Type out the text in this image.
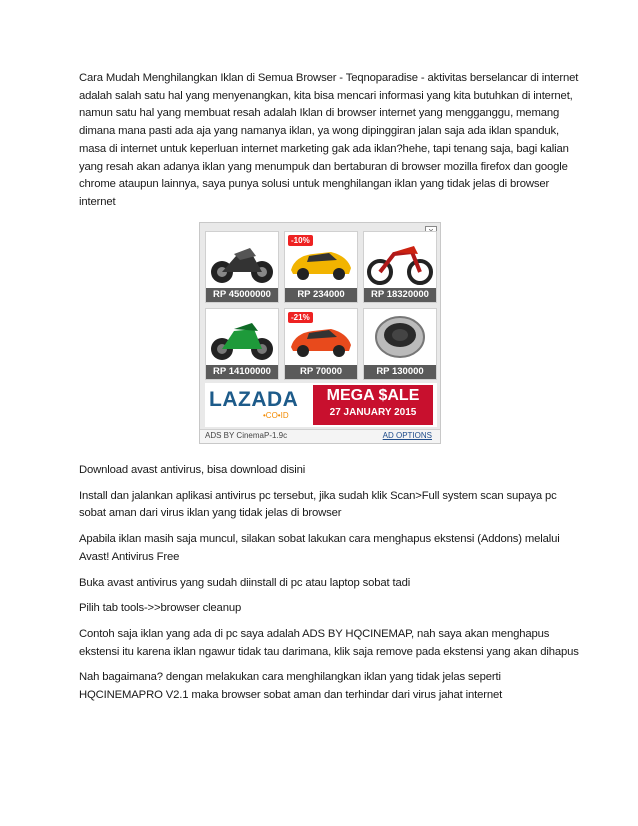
Cara Mudah Menghilangkan Iklan di Semua Browser - Teqnoparadise - aktivitas berselancar di internet adalah salah satu hal yang menyenangkan, kita bisa mencari informasi yang kita butuhkan di internet, namun satu hal yang membuat resah adalah Iklan di browser internet yang mengganggu, memang dimana mana pasti ada aja yang namanya iklan, ya wong dipinggiran jalan saja ada iklan spanduk, masa di internet untuk keperluan internet marketing gak ada iklan?hehe, tapi tenang saja, bagi kalian yang resah akan adanya iklan yang menumpuk dan bertaburan di browser mozilla firefox dan google chrome ataupun lainnya, saya punya solusi untuk menghilangan iklan yang tidak jelas di browser internet

RP 45000000
-10%
RP 234000	RP 18320000
RP 14100000
-21%
RP 70000	RP 130000
LAZADA
•CO•ID
MEGA $ALE
27 JANUARY 2015
ADS BY CinemaP-1.9c	AD OPTIONS

Download avast antivirus, bisa download disini

Install dan jalankan aplikasi antivirus pc tersebut, jika sudah klik Scan>Full system scan supaya pc sobat aman dari virus iklan yang tidak jelas di browser

Apabila iklan masih saja muncul, silakan sobat lakukan cara menghapus ekstensi (Addons) melalui Avast! Antivirus Free

Buka avast antivirus yang sudah diinstall di pc atau laptop sobat tadi

Pilih tab tools->>browser cleanup

Contoh saja iklan yang ada di pc saya adalah ADS BY HQCINEMAP, nah saya akan menghapus ekstensi itu karena iklan ngawur tidak tau darimana, klik saja remove pada ekstensi yang akan dihapus

Nah bagaimana? dengan melakukan cara menghilangkan iklan yang tidak jelas seperti HQCINEMAPRO V2.1 maka browser sobat aman dan terhindar dari virus jahat internet
